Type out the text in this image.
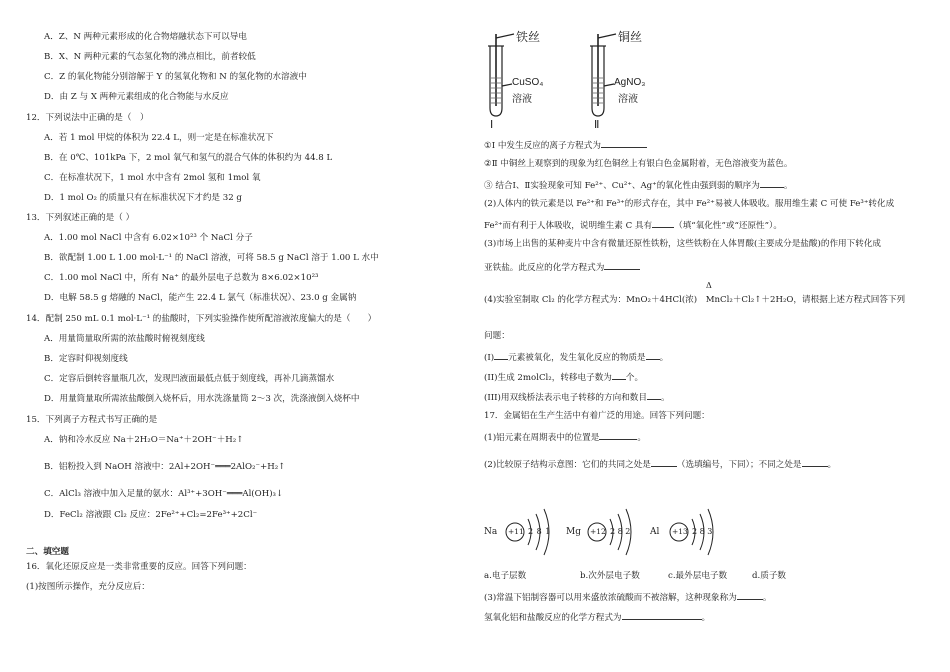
A．Z、N 两种元素形成的化合物熔融状态下可以导电
B．X、N 两种元素的气态氢化物的沸点相比，前者较低
C．Z 的氧化物能分别溶解于 Y 的氢氧化物和 N 的氢化物的水溶液中
D．由 Z 与 X 两种元素组成的化合物能与水反应
12．下列说法中正确的是（　）
A．若 1 mol 甲烷的体积为 22.4 L，则一定是在标准状况下
B．在 0℃、101kPa 下，2 mol 氧气和氢气的混合气体的体积约为 44.8 L
C．在标准状况下，1 mol 水中含有 2mol 氢和 1mol 氧
D．1 mol O₂ 的质量只有在标准状况下才约是 32 g
13．下列叙述正确的是（ ）
A．1.00 mol NaCl 中含有 6.02×10²³ 个 NaCl 分子
B．欲配制 1.00 L 1.00 mol·L⁻¹ 的 NaCl 溶液，可将 58.5 g NaCl 溶于 1.00 L 水中
C．1.00 mol NaCl 中，所有 Na⁺ 的最外层电子总数为 8×6.02×10²³
D．电解 58.5 g 熔融的 NaCl，能产生 22.4 L 氯气（标准状况）、23.0 g 金属钠
14．配制 250 mL 0.1 mol·L⁻¹ 的盐酸时，下列实验操作使所配溶液浓度偏大的是（　　）
A．用量筒量取所需的浓盐酸时俯视刻度线
B．定容时仰视刻度线
C．定容后倒转容量瓶几次，发现凹液面最低点低于刻度线，再补几滴蒸馏水
D．用量筒量取所需浓盐酸倒入烧杯后，用水洗涤量筒 2～3 次，洗涤液倒入烧杯中
15．下列离子方程式书写正确的是
A．钠和冷水反应 Na＋2H₂O＝Na⁺＋2OH⁻＋H₂↑
B．铝粉投入到 NaOH 溶液中：2Al+2OH⁻═══2AlO₂⁻+H₂↑
C．AlCl₃ 溶液中加入足量的氨水：Al³⁺+3OH⁻═══Al(OH)₃↓
D．FeCl₂ 溶液跟 Cl₂ 反应：2Fe²⁺+Cl₂=2Fe³⁺+2Cl⁻
二、填空题
16．氧化还原反应是一类非常重要的反应。回答下列问题：
(1)按图所示操作，充分反应后：
铁丝
CuSO₄
溶液
Ⅰ
铜丝
AgNO₃
溶液
Ⅱ
①Ⅰ 中发生反应的离子方程式为
②Ⅱ 中铜丝上观察到的现象为红色铜丝上有银白色金属附着，无色溶液变为蓝色。
③ 结合Ⅰ、Ⅱ实验现象可知 Fe²⁺、Cu²⁺、Ag⁺的氧化性由强到弱的顺序为	。
(2)人体内的铁元素是以 Fe²⁺和 Fe³⁺的形式存在，其中 Fe²⁺易被人体吸收。服用维生素 C 可使 Fe³⁺转化成
Fe²⁺而有利于人体吸收，说明维生素 C 具有	（填“氧化性”或“还原性”）。
(3)市场上出售的某种麦片中含有微量还原性铁粉，这些铁粉在人体胃酸(主要成分是盐酸)的作用下转化成
亚铁盐。此反应的化学方程式为
Δ
(4)实验室制取 Cl₂ 的化学方程式为：MnO₂＋4HCl(浓)　MnCl₂＋Cl₂↑＋2H₂O，请根据上述方程式回答下列
问题：
(I) 元素被氧化，发生氧化反应的物质是 。
(II)生成 2molCl₂，转移电子数为 个。
(III)用双线桥法表示电子转移的方向和数目 。
17．金属铝在生产生活中有着广泛的用途。回答下列问题：
(1)铝元素在周期表中的位置是	。
(2)比较原子结构示意图：它们的共同之处是	（选填编号，下同）；不同之处是	。
Na +11 2 8 1 Mg +12 2 8 2 Al +13 2 8 3
a.电子层数	b.次外层电子数	c.最外层电子数	d.质子数
(3)常温下铝制容器可以用来盛放浓硫酸而不被溶解，这种现象称为	。
氢氧化铝和盐酸反应的化学方程式为	。
